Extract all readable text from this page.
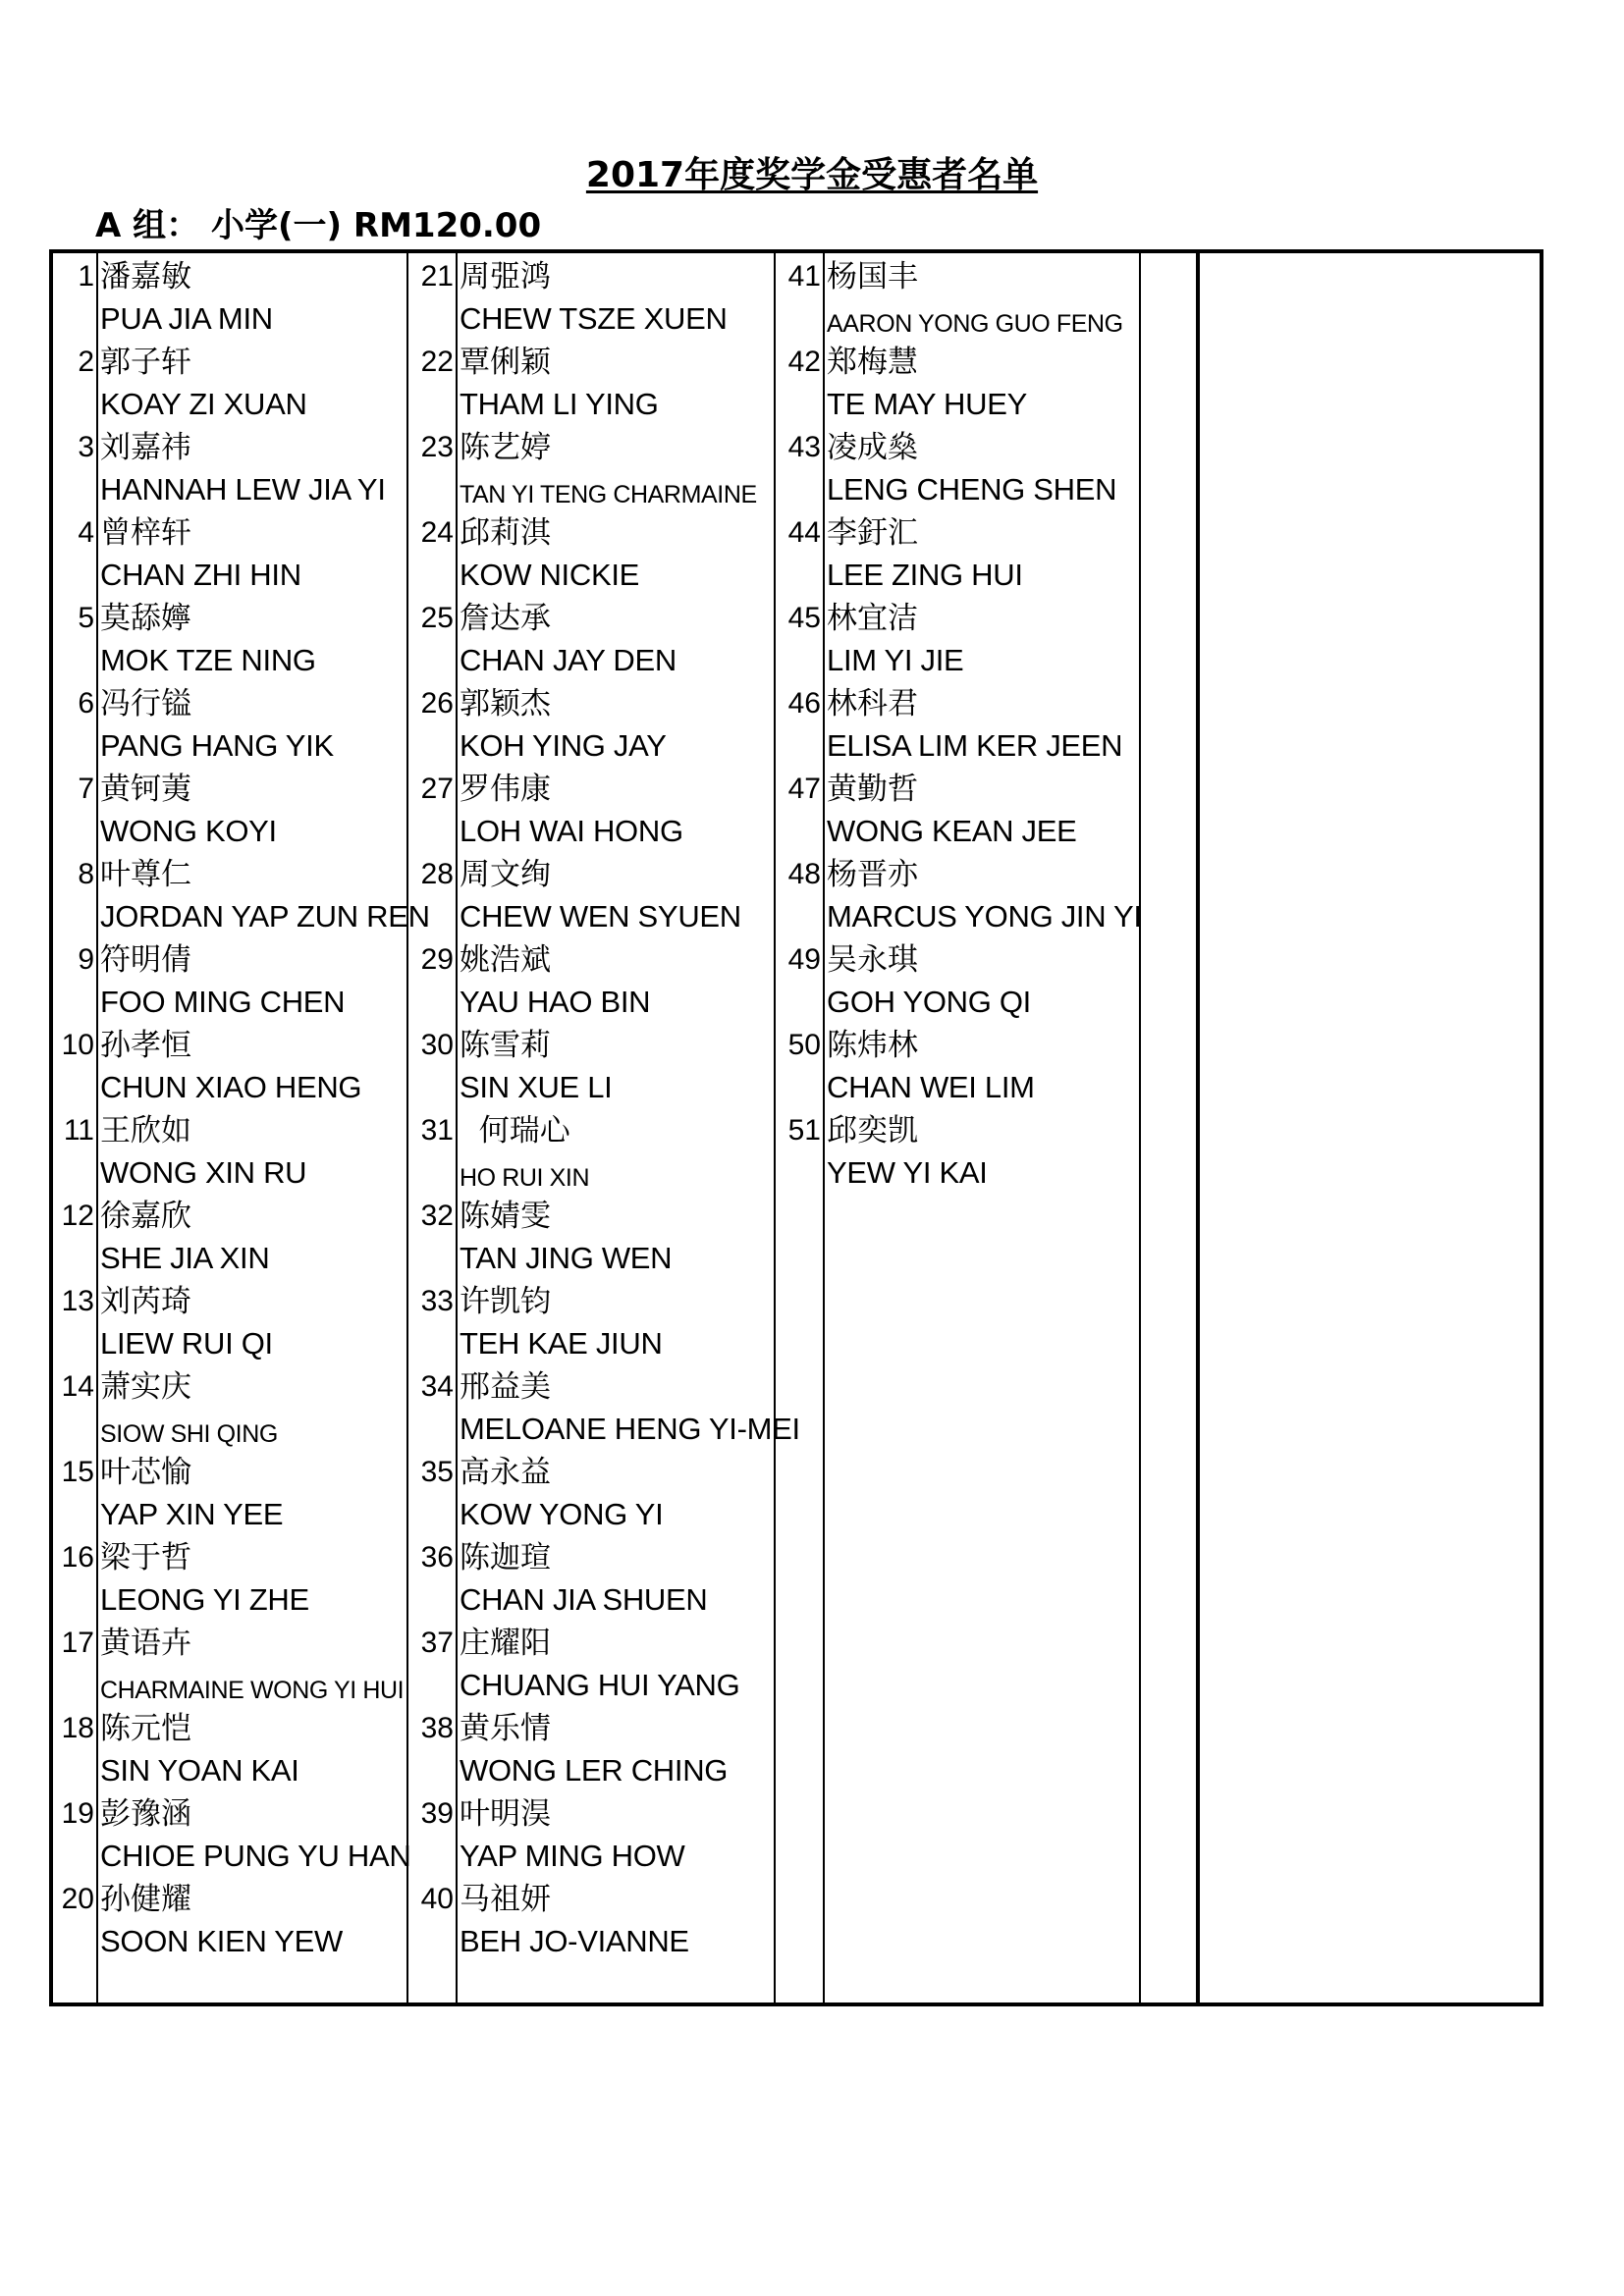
2017年度奖学金受惠者名单
A 组： 小学(一) RM120.00
1 潘嘉敏
PUA JIA MIN
2 郭子轩
KOAY ZI XUAN
3 刘嘉祎
HANNAH LEW JIA YI
4 曾梓轩
CHAN ZHI HIN
5 莫舔嬣
MOK TZE NING
6 冯行镒
PANG HANG YIK
7 黄钶荑
WONG KOYI
8 叶尊仁
JORDAN YAP ZUN REN
9 符明倩
FOO MING CHEN
10 孙孝恒
CHUN XIAO HENG
11 王欣如
WONG XIN RU
12 徐嘉欣
SHE JIA XIN
13 刘芮琦
LIEW RUI QI
14 萧实庆
SIOW SHI QING
15 叶芯愉
YAP XIN YEE
16 梁于哲
LEONG YI ZHE
17 黄语卉
CHARMAINE WONG YI HUI
18 陈元恺
SIN YOAN KAI
19 彭豫涵
CHIOE PUNG YU HAN
20 孙健耀
SOON KIEN YEW
21 周弫鸿
CHEW TSZE XUEN
22 覃俐颖
THAM LI YING
23 陈艺婷
TAN YI TENG CHARMAINE
24 邱莉淇
KOW NICKIE
25 詹达承
CHAN JAY DEN
26 郭颖杰
KOH YING JAY
27 罗伟康
LOH WAI HONG
28 周文绚
CHEW WEN SYUEN
29 姚浩斌
YAU HAO BIN
30 陈雪莉
SIN XUE LI
31 何瑞心
HO RUI XIN
32 陈婧雯
TAN JING WEN
33 许凯钧
TEH KAE JIUN
34 邢益美
MELOANE HENG YI-MEI
35 高永益
KOW YONG YI
36 陈迦瑄
CHAN JIA SHUEN
37 庄耀阳
CHUANG HUI YANG
38 黄乐情
WONG LER CHING
39 叶明淏
YAP MING HOW
40 马祖妍
BEH JO-VIANNE
41 杨国丰
AARON YONG GUO FENG
42 郑梅慧
TE MAY HUEY
43 凌成燊
LENG CHENG SHEN
44 李釪汇
LEE ZING HUI
45 林宜洁
LIM YI JIE
46 林科君
ELISA LIM KER JEEN
47 黄勤哲
WONG KEAN JEE
48 杨晋亦
MARCUS YONG JIN YI
49 吴永琪
GOH YONG QI
50 陈炜林
CHAN WEI LIM
51 邱奕凯
YEW YI KAI
